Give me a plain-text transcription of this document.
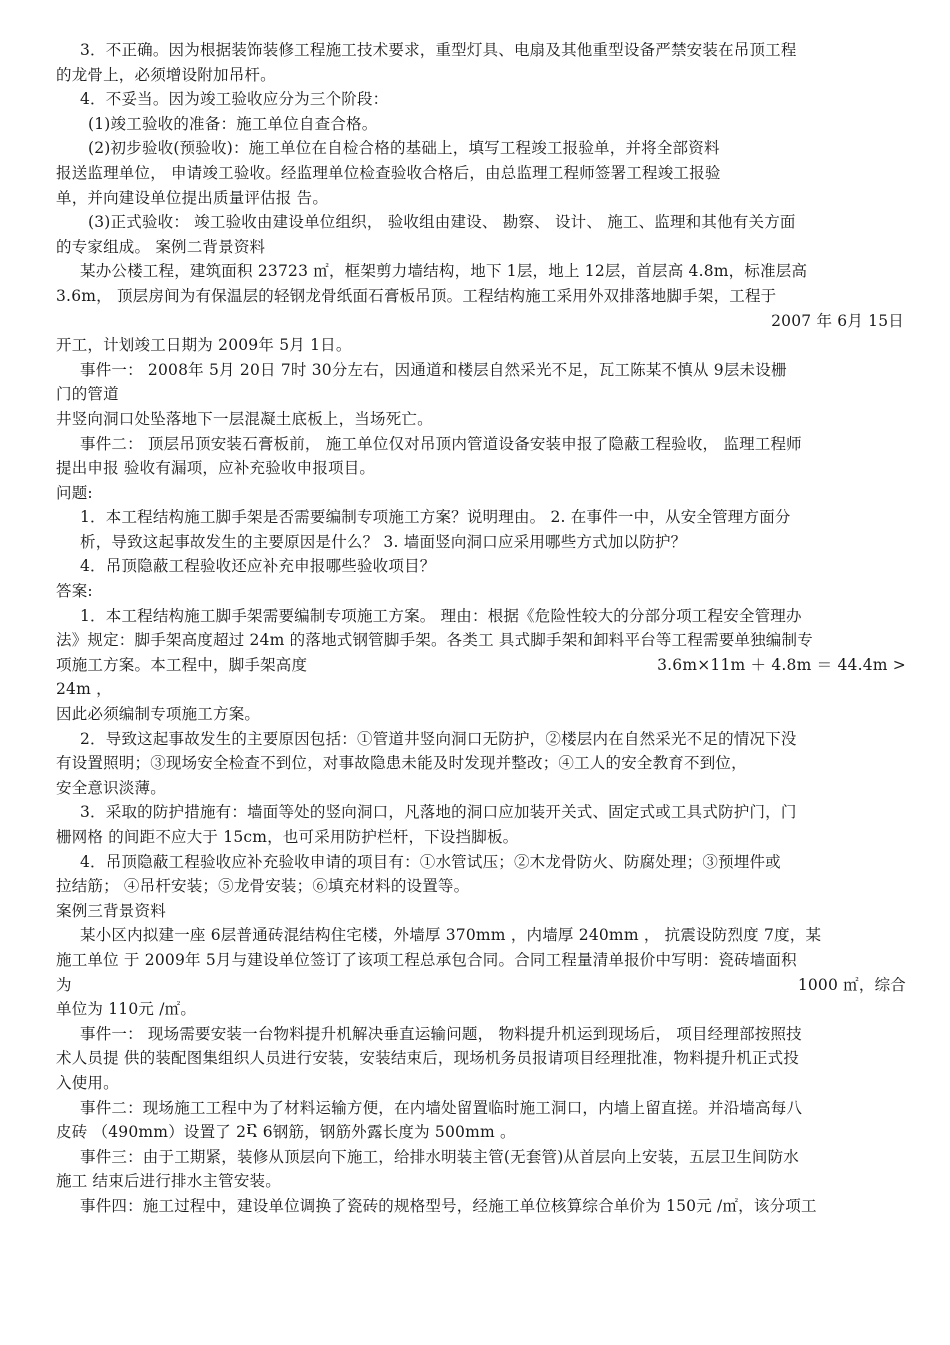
3．不正确。因为根据装饰装修工程施工技术要求，重型灯具、电扇及其他重型设备严禁安装在吊顶工程

的龙骨上，必须增设附加吊杆。

4．不妥当。因为竣工验收应分为三个阶段：

(1)竣工验收的准备：施工单位自查合格。

(2)初步验收(预验收)：施工单位在自检合格的基础上，填写工程竣工报验单，并将全部资料

报送监理单位， 申请竣工验收。经监理单位检查验收合格后，由总监理工程师签署工程竣工报验

单，并向建设单位提出质量评估报 告。

(3)正式验收： 竣工验收由建设单位组织， 验收组由建设、 勘察、 设计、 施工、监理和其他有关方面

的专家组成。 案例二背景资料

某办公楼工程，建筑面积 23723 ㎡，框架剪力墙结构，地下 1层，地上 12层，首层高 4.8m，标准层高

3.6m， 顶层房间为有保温层的轻钢龙骨纸面石膏板吊顶。工程结构施工采用外双排落地脚手架，工程于

2007 年 6月 15日

开工，计划竣工日期为 2009年 5月 1日。

事件一： 2008年 5月 20日 7时 30分左右，因通道和楼层自然采光不足，瓦工陈某不慎从 9层未设栅

门的管道

井竖向洞口处坠落地下一层混凝土底板上，当场死亡。

事件二： 顶层吊顶安装石膏板前， 施工单位仅对吊顶内管道设备安装申报了隐蔽工程验收， 监理工程师

提出申报 验收有漏项，应补充验收申报项目。

问题:

1．本工程结构施工脚手架是否需要编制专项施工方案？说明理由。 2. 在事件一中，从安全管理方面分

析，导致这起事故发生的主要原因是什么？ 3. 墙面竖向洞口应采用哪些方式加以防护？

4．吊顶隐蔽工程验收还应补充申报哪些验收项目？

答案:

1．本工程结构施工脚手架需要编制专项施工方案。 理由：根据《危险性较大的分部分项工程安全管理办

法》规定：脚手架高度超过 24m 的落地式钢管脚手架。各类工 具式脚手架和卸料平台等工程需要单独编制专

项施工方案。本工程中，脚手架高度	3.6m×11m ＋ 4.8m ＝ 44.4m >

24m ，

因此必须编制专项施工方案。

2．导致这起事故发生的主要原因包括：①管道井竖向洞口无防护，②楼层内在自然采光不足的情况下没

有设置照明；③现场安全检查不到位，对事故隐患未能及时发现并整改；④工人的安全教育不到位，

安全意识淡薄。

3．采取的防护措施有：墙面等处的竖向洞口，凡落地的洞口应加装开关式、固定式或工具式防护门，门

栅网格 的间距不应大于 15cm，也可采用防护栏杆，下设挡脚板。

4．吊顶隐蔽工程验收应补充验收申请的项目有：①水管试压；②木龙骨防火、防腐处理；③预埋件或

拉结筋； ④吊杆安装；⑤龙骨安装；⑥填充材料的设置等。

案例三背景资料

某小区内拟建一座 6层普通砖混结构住宅楼，外墙厚 370mm ，内墙厚 240mm ， 抗震设防烈度 7度，某

施工单位 于 2009年 5月与建设单位签订了该项工程总承包合同。合同工程量清单报价中写明：瓷砖墙面积

为	1000 ㎡，综合

单位为 110元 /㎡。

事件一： 现场需要安装一台物料提升机解决垂直运输问题， 物料提升机运到现场后， 项目经理部按照技

术人员提 供的装配图集组织人员进行安装，安装结束后，现场机务员报请项目经理批准，物料提升机正式投

入使用。

事件二：现场施工工程中为了材料运输方便，在内墙处留置临时施工洞口，内墙上留直搓。并沿墙高每八

皮砖 （490mm）设置了 2Ⴀ 6钢筋，钢筋外露长度为 500mm 。

事件三：由于工期紧，装修从顶层向下施工，给排水明装主管(无套管)从首层向上安装，五层卫生间防水

施工 结束后进行排水主管安装。

事件四：施工过程中，建设单位调换了瓷砖的规格型号，经施工单位核算综合单价为 150元 /㎡，该分项工
